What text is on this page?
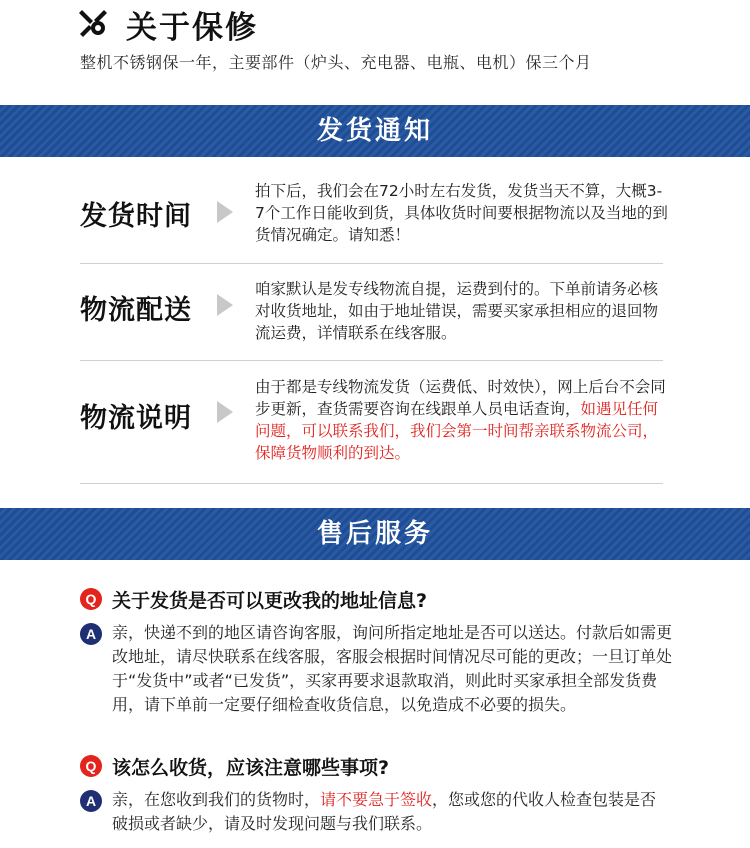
关于保修
整机不锈钢保一年，主要部件（炉头、充电器、电瓶、电机）保三个月
发货通知
发货时间
拍下后，我们会在72小时左右发货，发货当天不算，大概3-7个工作日能收到货，具体收货时间要根据物流以及当地的到货情况确定。请知悉！
物流配送
咱家默认是发专线物流自提，运费到付的。下单前请务必核对收货地址，如由于地址错误，需要买家承担相应的退回物流运费，详情联系在线客服。
物流说明
由于都是专线物流发货（运费低、时效快），网上后台不会同步更新，查货需要咨询在线跟单人员电话查询，如遇见任何问题，可以联系我们，我们会第一时间帮亲联系物流公司，保障货物顺利的到达。
售后服务
Q 关于发货是否可以更改我的地址信息?
A 亲，快递不到的地区请咨询客服，询问所指定地址是否可以送达。付款后如需更改地址，请尽快联系在线客服，客服会根据时间情况尽可能的更改；一旦订单处于“发货中”或者“已发货”，买家再要求退款取消，则此时买家承担全部发货费用，请下单前一定要仔细检查收货信息，以免造成不必要的损失。
Q 该怎么收货，应该注意哪些事项?
A 亲，在您收到我们的货物时，请不要急于签收，您或您的代收人检查包装是否破损或者缺少，请及时发现问题与我们联系。
